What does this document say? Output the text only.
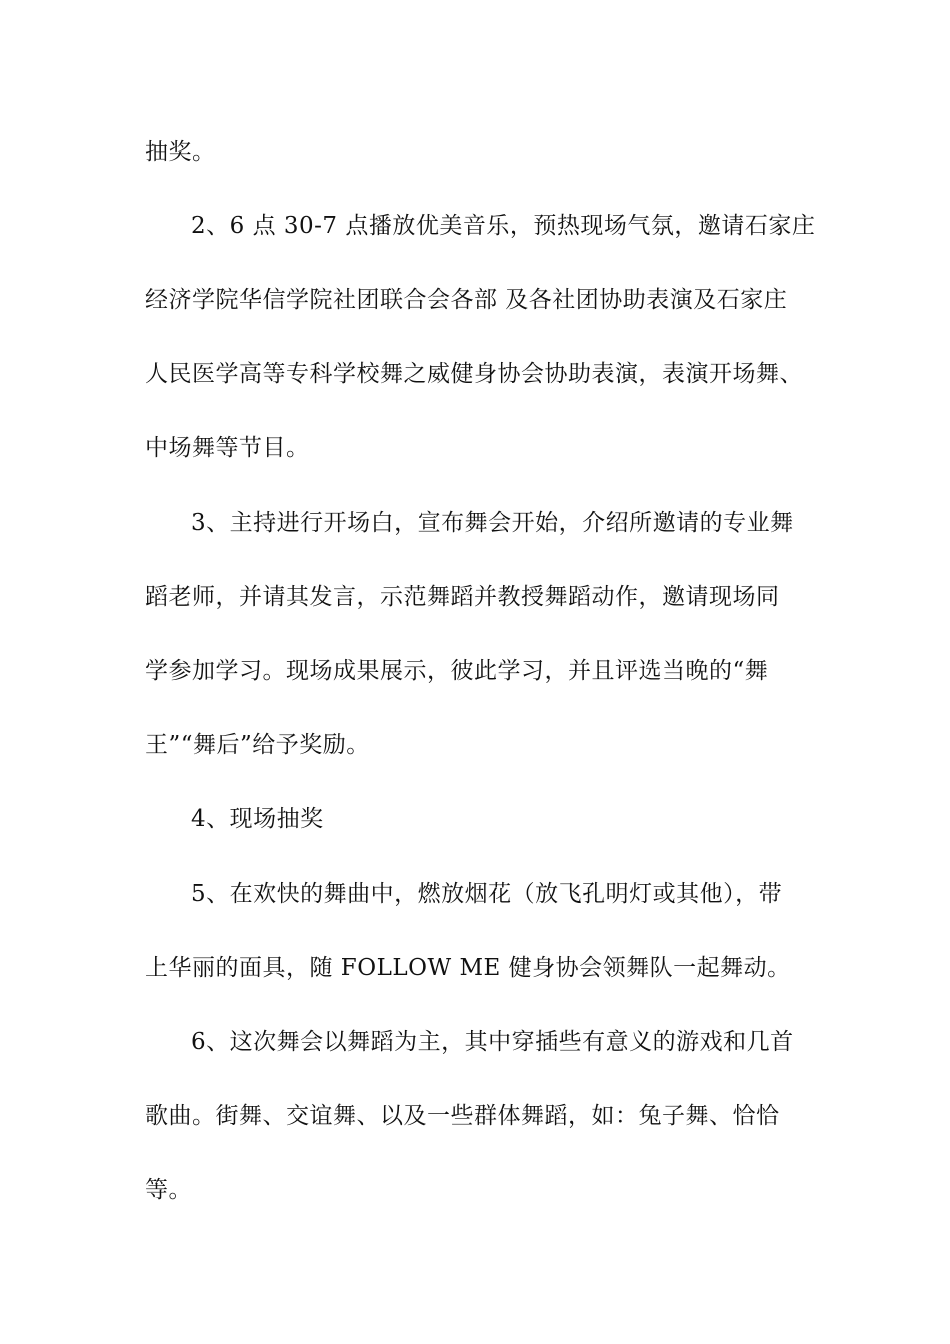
抽奖。
2、6 点 30-7 点播放优美音乐，预热现场气氛，邀请石家庄
经济学院华信学院社团联合会各部 及各社团协助表演及石家庄
人民医学高等专科学校舞之威健身协会协助表演，表演开场舞、
中场舞等节目。
3、主持进行开场白，宣布舞会开始，介绍所邀请的专业舞
蹈老师，并请其发言，示范舞蹈并教授舞蹈动作，邀请现场同
学参加学习。现场成果展示，彼此学习，并且评选当晚的“舞
王”“舞后”给予奖励。
4、现场抽奖
5、在欢快的舞曲中，燃放烟花（放飞孔明灯或其他），带
上华丽的面具，随 FOLLOW ME 健身协会领舞队一起舞动。
6、这次舞会以舞蹈为主，其中穿插些有意义的游戏和几首
歌曲。街舞、交谊舞、以及一些群体舞蹈，如：兔子舞、恰恰
等。
